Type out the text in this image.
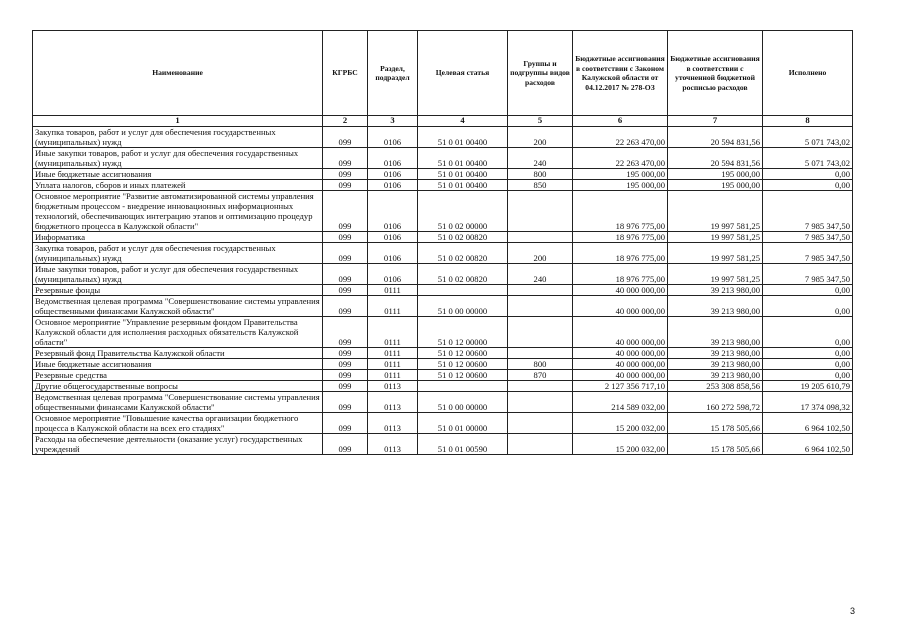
Наименование	КГРБС	Раздел, подраздел	Целевая статья	Группы и подгруппы видов расходов	Бюджетные ассигнования в соответствии с Законом Калужской области от 04.12.2017 № 278-ОЗ	Бюджетные ассигнования в соответствии с уточненной бюджетной росписью расходов	Исполнено
1	2	3	4	5	6	7	8
Закупка товаров, работ и услуг для обеспечения государственных (муниципальных) нужд	099	0106	51 0 01 00400	200	22 263 470,00	20 594 831,56	5 071 743,02
Иные закупки товаров, работ и услуг для обеспечения государственных (муниципальных) нужд	099	0106	51 0 01 00400	240	22 263 470,00	20 594 831,56	5 071 743,02
Иные бюджетные ассигнования	099	0106	51 0 01 00400	800	195 000,00	195 000,00	0,00
Уплата налогов, сборов и иных платежей	099	0106	51 0 01 00400	850	195 000,00	195 000,00	0,00
Основное мероприятие "Развитие автоматизированной системы управления бюджетным процессом - внедрение инновационных информационных технологий, обеспечивающих интеграцию этапов и оптимизацию процедур бюджетного процесса в Калужской области"	099	0106	51 0 02 00000		18 976 775,00	19 997 581,25	7 985 347,50
Информатика	099	0106	51 0 02 00820		18 976 775,00	19 997 581,25	7 985 347,50
Закупка товаров, работ и услуг для обеспечения государственных (муниципальных) нужд	099	0106	51 0 02 00820	200	18 976 775,00	19 997 581,25	7 985 347,50
Иные закупки товаров, работ и услуг для обеспечения государственных (муниципальных) нужд	099	0106	51 0 02 00820	240	18 976 775,00	19 997 581,25	7 985 347,50
Резервные фонды	099	0111			40 000 000,00	39 213 980,00	0,00
Ведомственная целевая программа "Совершенствование системы управления общественными финансами Калужской области"	099	0111	51 0 00 00000		40 000 000,00	39 213 980,00	0,00
Основное мероприятие "Управление резервным фондом Правительства Калужской области для исполнения расходных обязательств Калужской области"	099	0111	51 0 12 00000		40 000 000,00	39 213 980,00	0,00
Резервный фонд Правительства Калужской области	099	0111	51 0 12 00600		40 000 000,00	39 213 980,00	0,00
Иные бюджетные ассигнования	099	0111	51 0 12 00600	800	40 000 000,00	39 213 980,00	0,00
Резервные средства	099	0111	51 0 12 00600	870	40 000 000,00	39 213 980,00	0,00
Другие общегосударственные вопросы	099	0113			2 127 356 717,10	253 308 858,56	19 205 610,79
Ведомственная целевая программа "Совершенствование системы управления общественными финансами Калужской области"	099	0113	51 0 00 00000		214 589 032,00	160 272 598,72	17 374 098,32
Основное мероприятие "Повышение качества организации бюджетного процесса в Калужской области на всех его стадиях"	099	0113	51 0 01 00000		15 200 032,00	15 178 505,66	6 964 102,50
Расходы на обеспечение деятельности (оказание услуг) государственных учреждений	099	0113	51 0 01 00590		15 200 032,00	15 178 505,66	6 964 102,50
3
